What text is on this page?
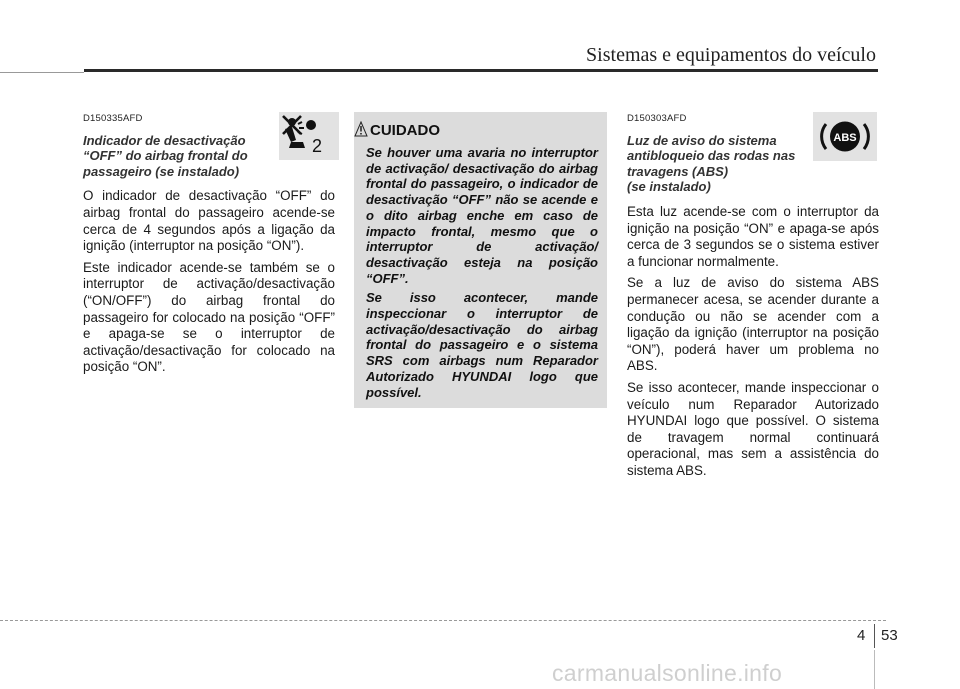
Sistemas e equipamentos do veículo
2
D150335AFD
Indicador de desactivação
“OFF” do airbag frontal do
passageiro (se instalado)

O indicador de desactivação “OFF” do airbag frontal do passageiro acende-se cerca de 4 segundos após a ligação da ignição (interruptor na posição “ON”).

Este indicador acende-se também se o interruptor de activação/desactivação (“ON/OFF”) do airbag frontal do passageiro for colocado na posição “OFF” e apaga-se se o interruptor de activação/desactivação for colocado na posição “ON”.

CUIDADO

Se houver uma avaria no interruptor de activação/ desactivação do airbag frontal do passageiro, o indicador de desactivação “OFF” não se acende e o dito airbag enche em caso de impacto frontal, mesmo que o interruptor de activação/ desactivação esteja na posição “OFF”.

Se isso acontecer, mande inspeccionar o interruptor de activação/desactivação do airbag frontal do passageiro e o sistema SRS com airbags num Reparador Autorizado HYUNDAI logo que possível.

ABS
D150303AFD
Luz de aviso do sistema
antibloqueio das rodas nas
travagens (ABS)
(se instalado)

Esta luz acende-se com o interruptor da ignição na posição “ON” e apaga-se após cerca de 3 segundos se o sistema estiver a funcionar normalmente.

Se a luz de aviso do sistema ABS permanecer acesa, se acender durante a condução ou não se acender com a ligação da ignição (interruptor na posição “ON”), poderá haver um problema no ABS.

Se isso acontecer, mande inspeccionar o veículo num Reparador Autorizado HYUNDAI logo que possível. O sistema de travagem normal continuará operacional, mas sem a assistência do sistema ABS.

4 53
carmanualsonline.info
